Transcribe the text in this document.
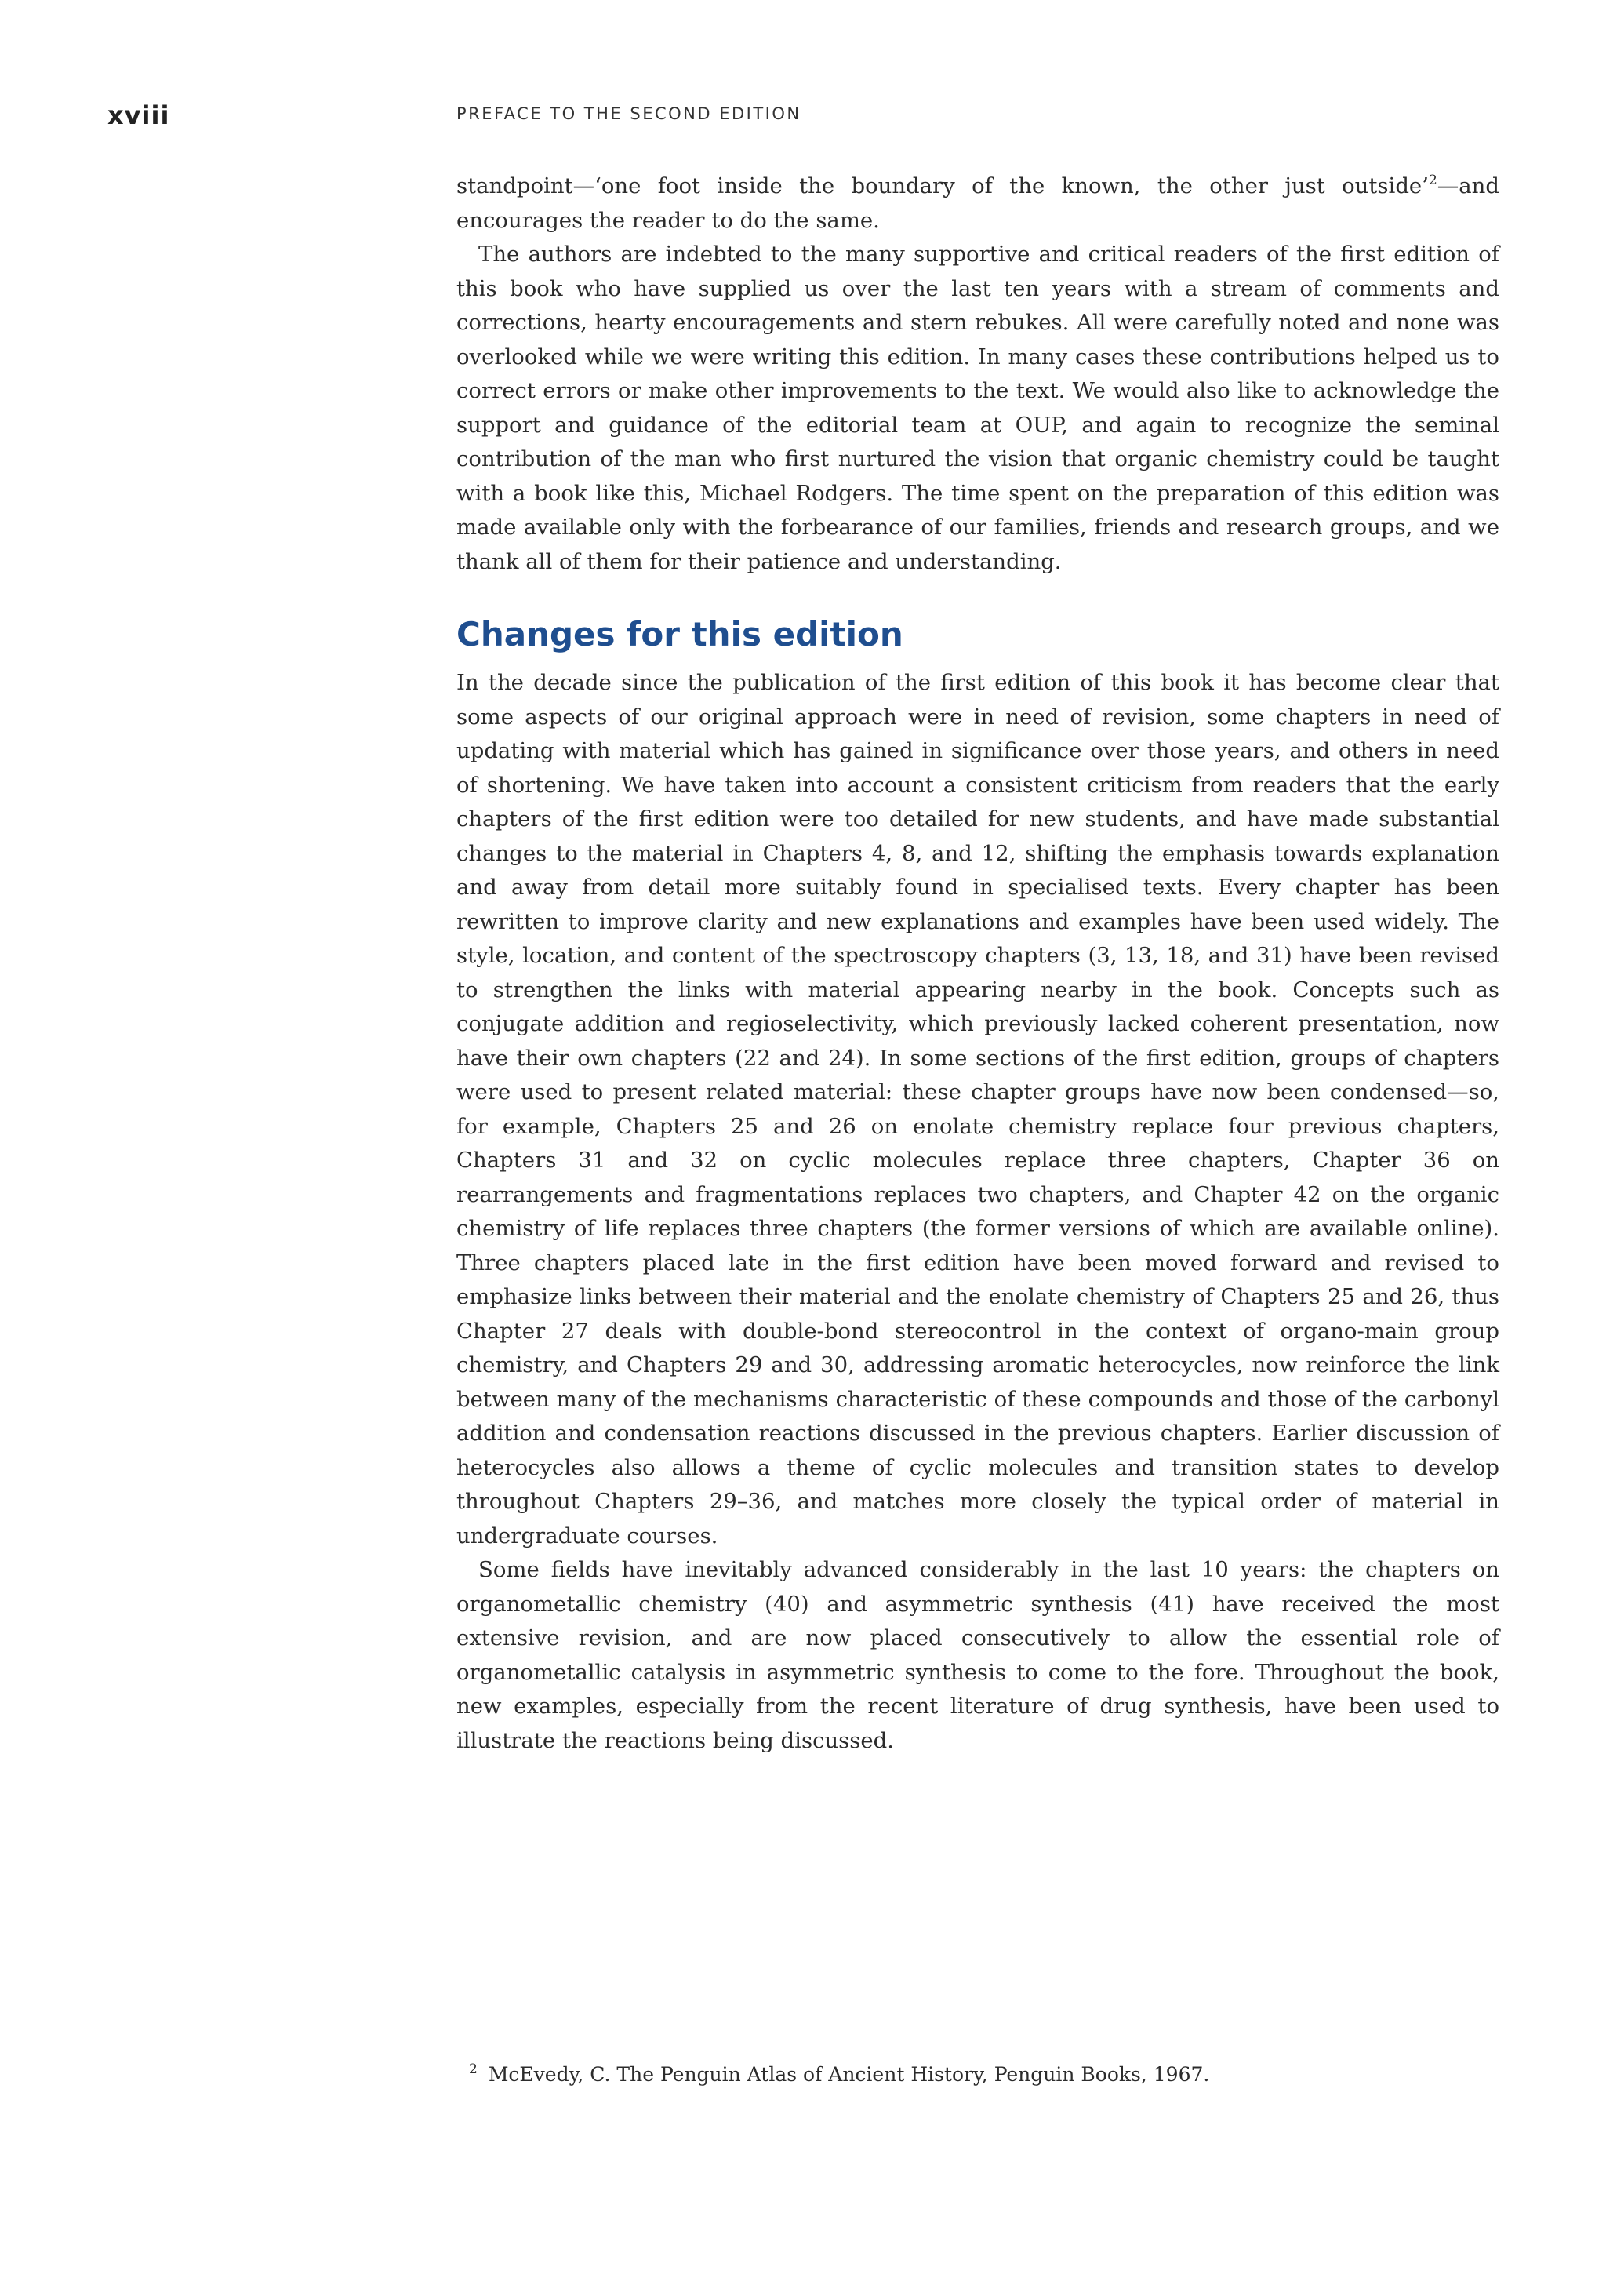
xviii	PREFACE TO THE SECOND EDITION

standpoint—‘one foot inside the boundary of the known, the other just outside’$^2$—and encourages the reader to do the same.

The authors are indebted to the many supportive and critical readers of the first edition of this book who have supplied us over the last ten years with a stream of comments and corrections, hearty encouragements and stern rebukes. All were carefully noted and none was overlooked while we were writing this edition. In many cases these contributions helped us to correct errors or make other improvements to the text. We would also like to acknowledge the support and guidance of the editorial team at OUP, and again to recognize the seminal contribution of the man who first nurtured the vision that organic chemistry could be taught with a book like this, Michael Rodgers. The time spent on the preparation of this edition was made available only with the forbearance of our families, friends and research groups, and we thank all of them for their patience and understanding.

Changes for this edition

In the decade since the publication of the first edition of this book it has become clear that some aspects of our original approach were in need of revision, some chapters in need of updating with material which has gained in significance over those years, and others in need of shortening. We have taken into account a consistent criticism from readers that the early chapters of the first edition were too detailed for new students, and have made substantial changes to the material in Chapters 4, 8, and 12, shifting the emphasis towards explanation and away from detail more suitably found in specialised texts. Every chapter has been rewritten to improve clarity and new explanations and examples have been used widely. The style, location, and content of the spectroscopy chapters (3, 13, 18, and 31) have been revised to strengthen the links with material appearing nearby in the book. Concepts such as conjugate addition and regioselectivity, which previously lacked coherent presentation, now have their own chapters (22 and 24). In some sections of the first edition, groups of chapters were used to present related material: these chapter groups have now been condensed—so, for example, Chapters 25 and 26 on enolate chemistry replace four previous chapters, Chapters 31 and 32 on cyclic molecules replace three chapters, Chapter 36 on rearrangements and fragmentations replaces two chapters, and Chapter 42 on the organic chemistry of life replaces three chapters (the former versions of which are available online). Three chapters placed late in the first edition have been moved forward and revised to emphasize links between their material and the enolate chemistry of Chapters 25 and 26, thus Chapter 27 deals with double-bond stereocontrol in the context of organo-main group chemistry, and Chapters 29 and 30, addressing aromatic heterocycles, now reinforce the link between many of the mechanisms characteristic of these compounds and those of the carbonyl addition and condensation reactions discussed in the previous chapters. Earlier discussion of heterocycles also allows a theme of cyclic molecules and transition states to develop throughout Chapters 29–36, and matches more closely the typical order of material in undergraduate courses.

Some fields have inevitably advanced considerably in the last 10 years: the chapters on organometallic chemistry (40) and asymmetric synthesis (41) have received the most extensive revision, and are now placed consecutively to allow the essential role of organometallic catalysis in asymmetric synthesis to come to the fore. Throughout the book, new examples, especially from the recent literature of drug synthesis, have been used to illustrate the reactions being discussed.

$^2$ McEvedy, C. The Penguin Atlas of Ancient History, Penguin Books, 1967.
